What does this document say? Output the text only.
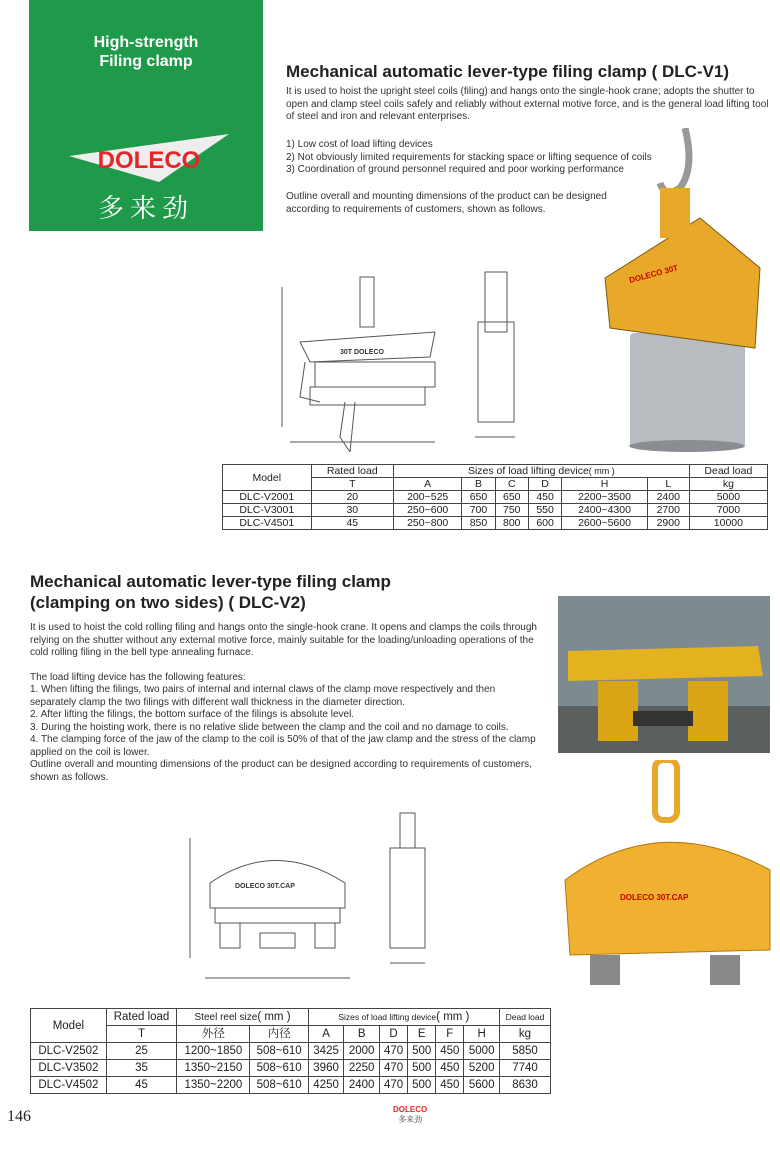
High-strength
Filing clamp
DOLECO
多来劲
Mechanical automatic lever-type filing clamp ( DLC-V1)
It is used to hoist the upright steel coils (filing) and hangs onto the single-hook crane; adopts the shutter to open and clamp steel coils safely and reliably without external motive force, and is the general load lifting tool of steel and iron and relevant enterprises.
1) Low cost of load lifting devices
2) Not obviously limited requirements for stacking space or lifting sequence of coils
3) Coordination of ground personnel required and poor working performance
Outline overall and mounting dimensions of the product can be designed according to requirements of customers, shown as follows.
30T DOLECO
DOLECO 30T
Model	Rated load	Sizes of load lifting device( mm )						Dead load
	T	A	B	C	D	H	L	kg
DLC-V2001	20	200~525	650	650	450	2200~3500	2400	5000
DLC-V3001	30	250~600	700	750	550	2400~4300	2700	7000
DLC-V4501	45	250~800	850	800	600	2600~5600	2900	10000
Mechanical automatic lever-type filing clamp
(clamping on two sides) ( DLC-V2)
It is used to hoist the cold rolling filing and hangs onto the single-hook crane. It opens and clamps the coils through relying on the shutter without any external motive force, mainly suitable for the loading/unloading operations of the cold rolling filing in the bell type annealing furnace.
The load lifting device has the following features:
1. When lifting the filings, two pairs of internal and internal claws of the clamp move respectively and then separately clamp the two filings with different wall thickness in the diameter direction.
2. After lifting the filings, the bottom surface of the filings is absolute level.
3. During the hoisting work, there is no relative slide between the clamp and the coil and no damage to coils.
4. The clamping force of the jaw of the clamp to the coil is 50% of that of the jaw clamp and the stress of the clamp applied on the coil is lower.
Outline overall and mounting dimensions of the product can be designed according to requirements of customers, shown as follows.
DOLECO 30T.CAP
DOLECO 30T.CAP
Model	Rated load	Steel reel size( mm )		Sizes of load lifting device( mm )						Dead load
	T	外径	内径	A	B	D	E	F	H	kg
DLC-V2502	25	1200~1850	508~610	3425	2000	470	500	450	5000	5850
DLC-V3502	35	1350~2150	508~610	3960	2250	470	500	450	5200	7740
DLC-V4502	45	1350~2200	508~610	4250	2400	470	500	450	5600	8630
146	DOLECO
多来劲
